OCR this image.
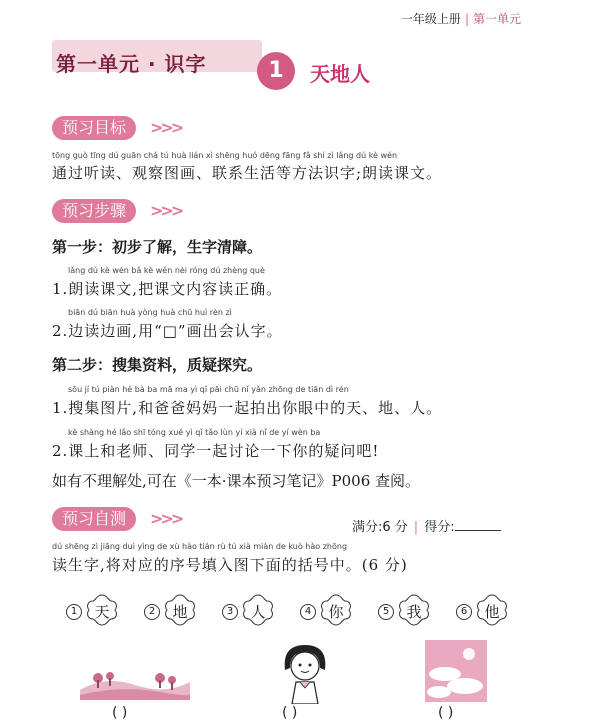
一年级上册 | 第一单元
第一单元 · 识字	1	天地人
预习目标	>>>
tōng guò tīng dú guān chá tú huà lián xì shēng huó dēng fāng fǎ shí zì lǎng dú kè wén
通过听读、观察图画、联系生活等方法识字;朗读课文。
预习步骤	>>>
第一步：初步了解，生字清障。
lǎng dú kè wén bǎ kè wén nèi róng dú zhèng què
1.朗读课文,把课文内容读正确。
biān dú biān huà yòng huà chū huì rèn zì
2.边读边画,用“□”画出会认字。
第二步：搜集资料，质疑探究。
sōu jí tú piàn hé bà ba mā ma yì qǐ pāi chū nǐ yǎn zhōng de tiān dì rén
1.搜集图片,和爸爸妈妈一起拍出你眼中的天、地、人。
kè shàng hé lǎo shī tóng xué yì qǐ tǎo lùn yí xià nǐ de yí wèn ba
2.课上和老师、同学一起讨论一下你的疑问吧!
如有不理解处,可在《一本·课本预习笔记》P006 查阅。
预习自测	>>>	满分:6 分 | 得分:
dú shēng zì jiāng duì yìng de xù hào tián rù tú xià miàn de kuò hào zhōng
读生字,将对应的序号填入图下面的括号中。(6 分)
1	天	2	地	3	人	4	你	5	我	6	他
( )	( )	( )
